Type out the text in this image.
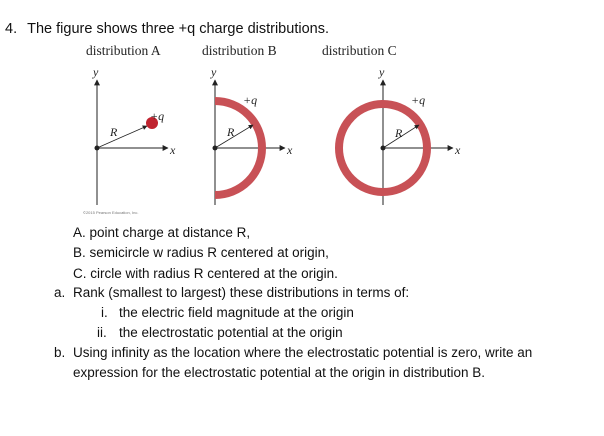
4. The figure shows three +q charge distributions.
distribution A	distribution B	distribution C
y
x
R
+q
y
x
R
+q
y
x
R
+q
©2015 Pearson Education, Inc.
A. point charge at distance R,
B. semicircle w radius R centered at origin,
C. circle with radius R centered at the origin.
a. Rank (smallest to largest) these distributions in terms of:
i. the electric field magnitude at the origin
ii. the electrostatic potential at the origin
b. Using infinity as the location where the electrostatic potential is zero, write an
expression for the electrostatic potential at the origin in distribution B.
